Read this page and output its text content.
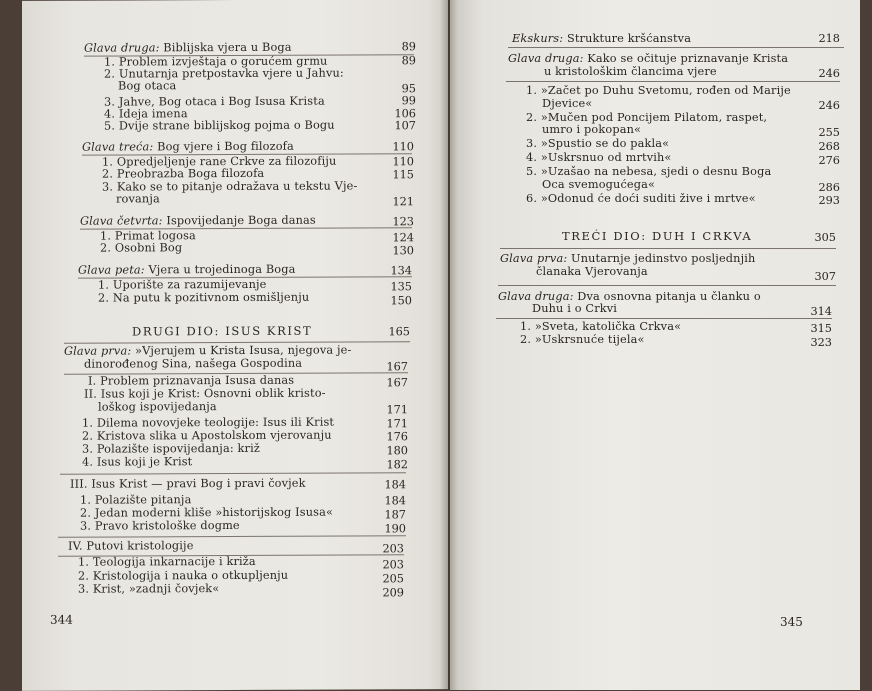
Glava druga: Biblijska vjera u Boga	89
1. Problem izvještaja o gorućem grmu	89
2. Unutarnja pretpostavka vjere u Jahvu:
Bog otaca	95
3. Jahve, Bog otaca i Bog Isusa Krista	99
4. Ideja imena	106
5. Dvije strane biblijskog pojma o Bogu	107
Glava treća: Bog vjere i Bog filozofa	110
1. Opredjeljenje rane Crkve za filozofiju	110
2. Preobrazba Boga filozofa	115
3. Kako se to pitanje odražava u tekstu Vje-
rovanja	121
Glava četvrta: Ispovijedanje Boga danas	123
1. Primat logosa	124
2. Osobni Bog	130
Glava peta: Vjera u trojedinoga Boga	134
1. Uporište za razumijevanje	135
2. Na putu k pozitivnom osmišljenju	150
DRUGI DIO: ISUS KRIST	165
Glava prva: »Vjerujem u Krista Isusa, njegova je-
dinorođenog Sina, našega Gospodina	167
I. Problem priznavanja Isusa danas	167
II. Isus koji je Krist: Osnovni oblik kristo-
loškog ispovijedanja	171
1. Dilema novovjeke teologije: Isus ili Krist	171
2. Kristova slika u Apostolskom vjerovanju	176
3. Polazište ispovijedanja: križ	180
4. Isus koji je Krist	182
III. Isus Krist — pravi Bog i pravi čovjek	184
1. Polazište pitanja	184
2. Jedan moderni kliše »historijskog Isusa«	187
3. Pravo kristološke dogme	190
IV. Putovi kristologije	203
1. Teologija inkarnacije i križa	203
2. Kristologija i nauka o otkupljenju	205
3. Krist, »zadnji čovjek«	209
344
Ekskurs: Strukture kršćanstva	218
Glava druga: Kako se očituje priznavanje Krista
u kristološkim člancima vjere	246
1. »Začet po Duhu Svetomu, rođen od Marije
Djevice«	246
2. »Mučen pod Poncijem Pilatom, raspet,
umro i pokopan«	255
3. »Spustio se do pakla«	268
4. »Uskrsnuo od mrtvih«	276
5. »Uzašao na nebesa, sjedi o desnu Boga
Oca svemogućega«	286
6. »Odonud će doći suditi žive i mrtve«	293
TREĆI DIO: DUH I CRKVA	305
Glava prva: Unutarnje jedinstvo posljednjih
članaka Vjerovanja	307
Glava druga: Dva osnovna pitanja u članku o
Duhu i o Crkvi	314
1. »Sveta, katolička Crkva«	315
2. »Uskrsnuće tijela«	323
345
